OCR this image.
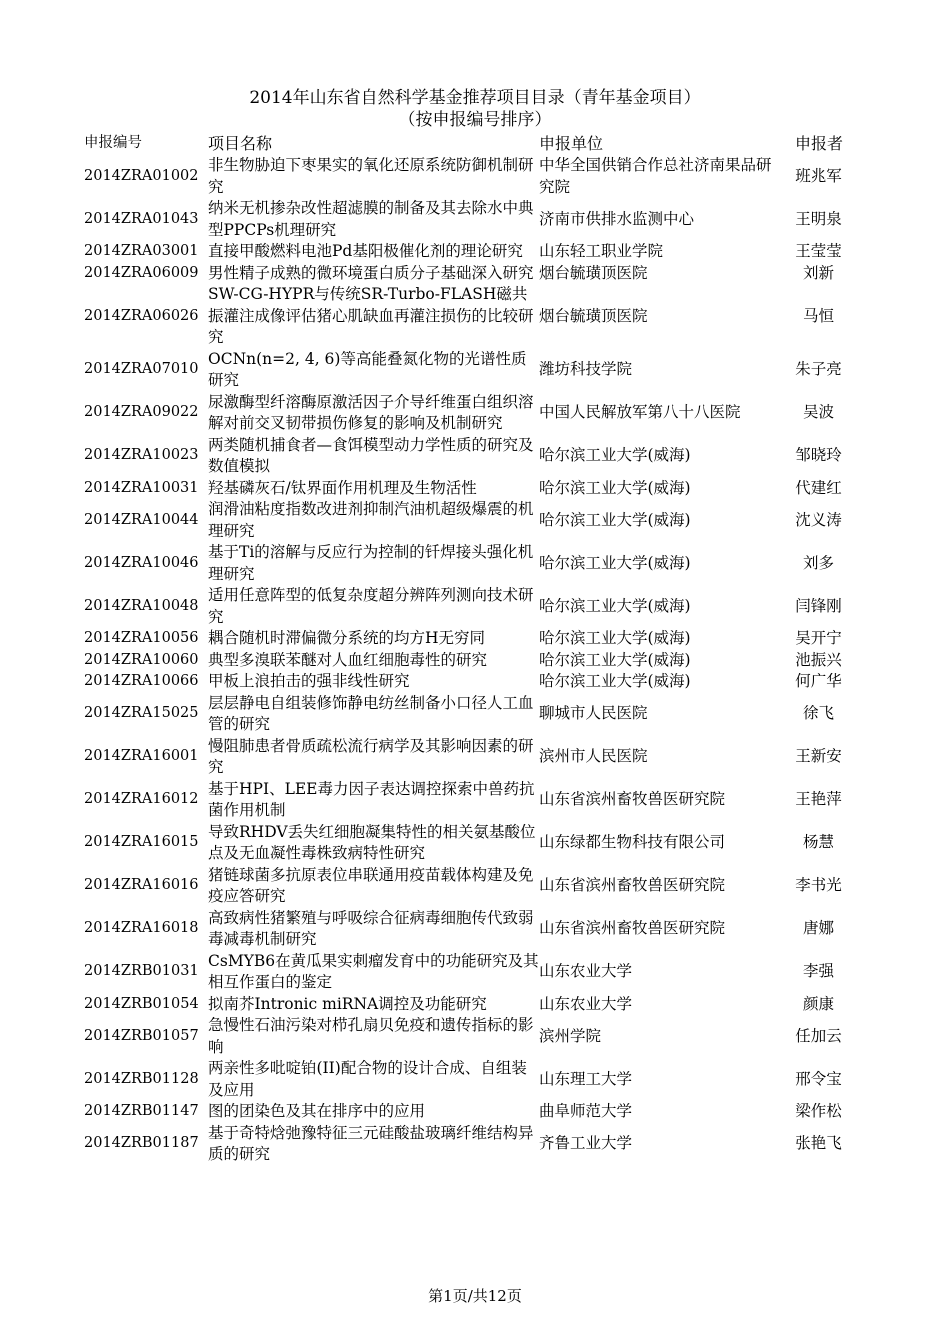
2014年山东省自然科学基金推荐项目目录（青年基金项目）
（按申报编号排序）
申报编号	项目名称	申报单位	申报者
2014ZRA01002	非生物胁迫下枣果实的氧化还原系统防御机制研究	中华全国供销合作总社济南果品研究院	班兆军
2014ZRA01043	纳米无机掺杂改性超滤膜的制备及其去除水中典型PPCPs机理研究	济南市供排水监测中心	王明泉
2014ZRA03001	直接甲酸燃料电池Pd基阳极催化剂的理论研究	山东轻工职业学院	王莹莹
2014ZRA06009	男性精子成熟的微环境蛋白质分子基础深入研究	烟台毓璜顶医院	刘新
2014ZRA06026	SW-CG-HYPR与传统SR-Turbo-FLASH磁共振灌注成像评估猪心肌缺血再灌注损伤的比较研究	烟台毓璜顶医院	马恒
2014ZRA07010	OCNn(n=2, 4, 6)等高能叠氮化物的光谱性质研究	潍坊科技学院	朱子亮
2014ZRA09022	尿激酶型纤溶酶原激活因子介导纤维蛋白组织溶解对前交叉韧带损伤修复的影响及机制研究	中国人民解放军第八十八医院	吴波
2014ZRA10023	两类随机捕食者—食饵模型动力学性质的研究及数值模拟	哈尔滨工业大学(威海)	邹晓玲
2014ZRA10031	羟基磷灰石/钛界面作用机理及生物活性	哈尔滨工业大学(威海)	代建红
2014ZRA10044	润滑油粘度指数改进剂抑制汽油机超级爆震的机理研究	哈尔滨工业大学(威海)	沈义涛
2014ZRA10046	基于Ti的溶解与反应行为控制的钎焊接头强化机理研究	哈尔滨工业大学(威海)	刘多
2014ZRA10048	适用任意阵型的低复杂度超分辨阵列测向技术研究	哈尔滨工业大学(威海)	闫锋刚
2014ZRA10056	耦合随机时滞偏微分系统的均方H无穷同	哈尔滨工业大学(威海)	吴开宁
2014ZRA10060	典型多溴联苯醚对人血红细胞毒性的研究	哈尔滨工业大学(威海)	池振兴
2014ZRA10066	甲板上浪拍击的强非线性研究	哈尔滨工业大学(威海)	何广华
2014ZRA15025	层层静电自组装修饰静电纺丝制备小口径人工血管的研究	聊城市人民医院	徐飞
2014ZRA16001	慢阻肺患者骨质疏松流行病学及其影响因素的研究	滨州市人民医院	王新安
2014ZRA16012	基于HPI、LEE毒力因子表达调控探索中兽药抗菌作用机制	山东省滨州畜牧兽医研究院	王艳萍
2014ZRA16015	导致RHDV丢失红细胞凝集特性的相关氨基酸位点及无血凝性毒株致病特性研究	山东绿都生物科技有限公司	杨慧
2014ZRA16016	猪链球菌多抗原表位串联通用疫苗载体构建及免疫应答研究	山东省滨州畜牧兽医研究院	李书光
2014ZRA16018	高致病性猪繁殖与呼吸综合征病毒细胞传代致弱毒减毒机制研究	山东省滨州畜牧兽医研究院	唐娜
2014ZRB01031	CsMYB6在黄瓜果实刺瘤发育中的功能研究及其相互作蛋白的鉴定	山东农业大学	李强
2014ZRB01054	拟南芥Intronic miRNA调控及功能研究	山东农业大学	颜康
2014ZRB01057	急慢性石油污染对栉孔扇贝免疫和遗传指标的影响	滨州学院	任加云
2014ZRB01128	两亲性多吡啶铂(II)配合物的设计合成、自组装及应用	山东理工大学	邢令宝
2014ZRB01147	图的团染色及其在排序中的应用	曲阜师范大学	梁作松
2014ZRB01187	基于奇特焓弛豫特征三元硅酸盐玻璃纤维结构异质的研究	齐鲁工业大学	张艳飞
第1页/共12页
